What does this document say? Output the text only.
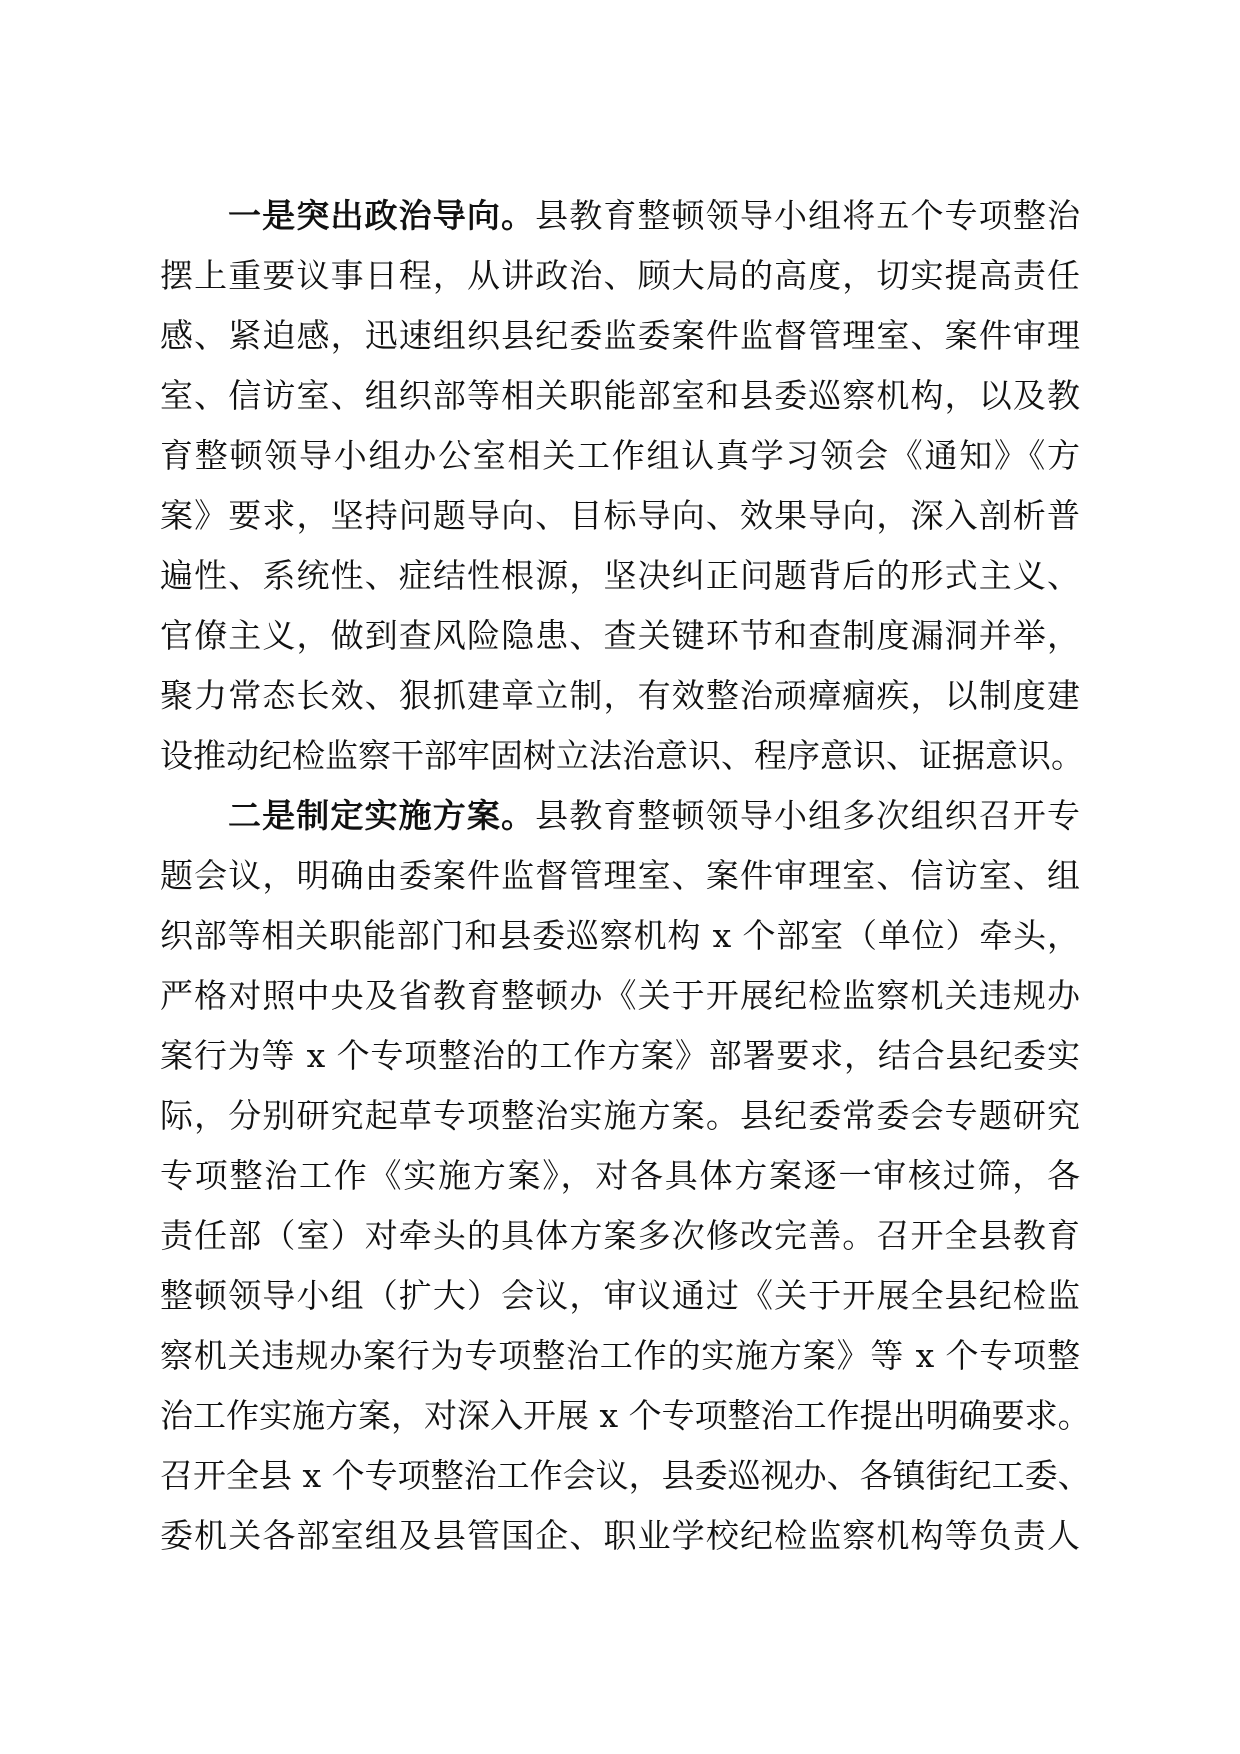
一是突出政治导向。县教育整顿领导小组将五个专项整治
摆上重要议事日程，从讲政治、顾大局的高度，切实提高责任
感、紧迫感，迅速组织县纪委监委案件监督管理室、案件审理
室、信访室、组织部等相关职能部室和县委巡察机构，以及教
育整顿领导小组办公室相关工作组认真学习领会《通知》《方
案》要求，坚持问题导向、目标导向、效果导向，深入剖析普
遍性、系统性、症结性根源，坚决纠正问题背后的形式主义、
官僚主义，做到查风险隐患、查关键环节和查制度漏洞并举，
聚力常态长效、狠抓建章立制，有效整治顽瘴痼疾，以制度建
设推动纪检监察干部牢固树立法治意识、程序意识、证据意识。
二是制定实施方案。县教育整顿领导小组多次组织召开专
题会议，明确由委案件监督管理室、案件审理室、信访室、组
织部等相关职能部门和县委巡察机构 x 个部室（单位）牵头，
严格对照中央及省教育整顿办《关于开展纪检监察机关违规办
案行为等 x 个专项整治的工作方案》部署要求，结合县纪委实
际，分别研究起草专项整治实施方案。县纪委常委会专题研究
专项整治工作《实施方案》，对各具体方案逐一审核过筛，各
责任部（室）对牵头的具体方案多次修改完善。召开全县教育
整顿领导小组（扩大）会议，审议通过《关于开展全县纪检监
察机关违规办案行为专项整治工作的实施方案》等 x 个专项整
治工作实施方案，对深入开展 x 个专项整治工作提出明确要求。
召开全县 x 个专项整治工作会议，县委巡视办、各镇街纪工委、
委机关各部室组及县管国企、职业学校纪检监察机构等负责人
